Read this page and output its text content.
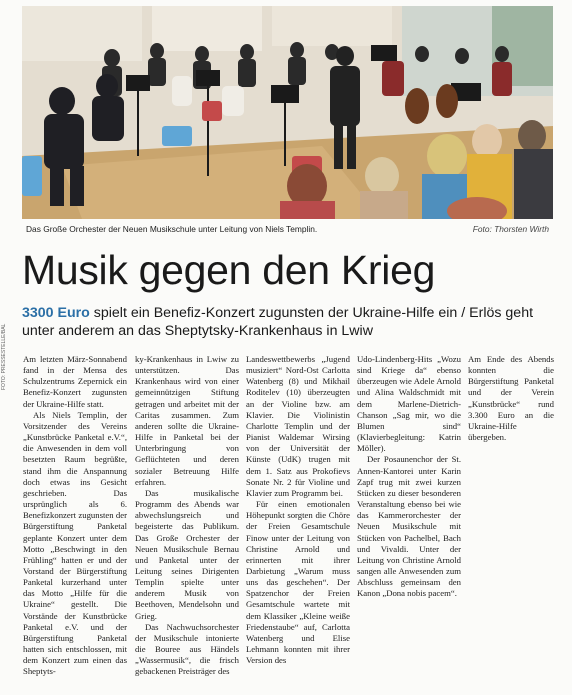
Das Große Orchester der Neuen Musikschule unter Leitung von Niels Templin.	Foto: Thorsten Wirth
Musik gegen den Krieg
3300 Euro spielt ein Benefiz-Konzert zugunsten der Ukraine-Hilfe ein / Erlös geht unter anderem an das Sheptytsky-Krankenhaus in Lwiw
FOTO: PRESSESTELLE/BAL	Am letzten März-Sonnabend fand in der Mensa des Schulzentrums Zepernick ein Benefiz-Konzert zugunsten der Ukraine-Hilfe statt.

Als Niels Templin, der Vorsitzender des Vereins „Kunstbrücke Panketal e.V.“, die Anwesenden in dem voll besetzten Raum begrüßte, stand ihm die Anspannung doch etwas ins Gesicht geschrieben. Das ursprünglich als 6. Benefizkonzert zugunsten der Bürgerstiftung Panketal geplante Konzert unter dem Motto „Beschwingt in den Frühling“ hatten er und der Vorstand der Bürgerstiftung Panketal kurzerhand unter das Motto „Hilfe für die Ukraine“ gestellt. Die Vorstände der Kunstbrücke Panketal e.V. und der Bürgerstiftung Panketal hatten sich entschlossen, mit dem Konzert zum einen das Sheptyts-

ky-Krankenhaus in Lwiw zu unterstützen. Das Krankenhaus wird von einer gemeinnützigen Stiftung getragen und arbeitet mit der Caritas zusammen. Zum anderen sollte die Ukraine-Hilfe in Panketal bei der Unterbringung von Geflüchteten und deren sozialer Betreuung Hilfe erfahren.

Das musikalische Programm des Abends war abwechslungsreich und begeisterte das Publikum. Das Große Orchester der Neuen Musikschule Bernau und Panketal unter der Leitung seines Dirigenten Templin spielte unter anderem Musik von Beethoven, Mendelsohn und Grieg.

Das Nachwuchsorchester der Musikschule intonierte die Bouree aus Händels „Wassermusik“, die frisch gebackenen Preisträger des

Landeswettbewerbs „Jugend musiziert“ Nord-Ost Carlotta Watenberg (8) und Mikhail Roditelev (10) überzeugten an der Violine bzw. am Klavier. Die Violinistin Charlotte Templin und der Pianist Waldemar Wirsing von der Universität der Künste (UdK) trugen mit dem 1. Satz aus Prokofievs Sonate Nr. 2 für Violine und Klavier zum Programm bei.

Für einen emotionalen Höhepunkt sorgten die Chöre der Freien Gesamtschule Finow unter der Leitung von Christine Arnold und erinnerten mit ihrer Darbietung „Warum muss uns das geschehen“. Der Spatzenchor der Freien Gesamtschule wartete mit dem Klassiker „Kleine weiße Friedenstaube“ auf, Carlotta Watenberg und Elise Lehmann konnten mit ihrer Version des

Udo-Lindenberg-Hits „Wozu sind Kriege da“ ebenso überzeugen wie Adele Arnold und Alina Waldschmidt mit dem Marlene-Dietrich-Chanson „Sag mir, wo die Blumen sind“ (Klavierbegleitung: Katrin Möller).

Der Posaunenchor der St. Annen-Kantorei unter Karin Zapf trug mit zwei kurzen Stücken zu dieser besonderen Veranstaltung ebenso bei wie das Kammerorchester der Neuen Musikschule mit Stücken von Pachelbel, Bach und Vivaldi. Unter der Leitung von Christine Arnold sangen alle Anwesenden zum Abschluss gemeinsam den Kanon „Dona nobis pacem“.

Am Ende des Abends konnten die Bürgerstiftung Panketal und der Verein „Kunstbrücke“ rund 3.300 Euro an die Ukraine-Hilfe übergeben.
